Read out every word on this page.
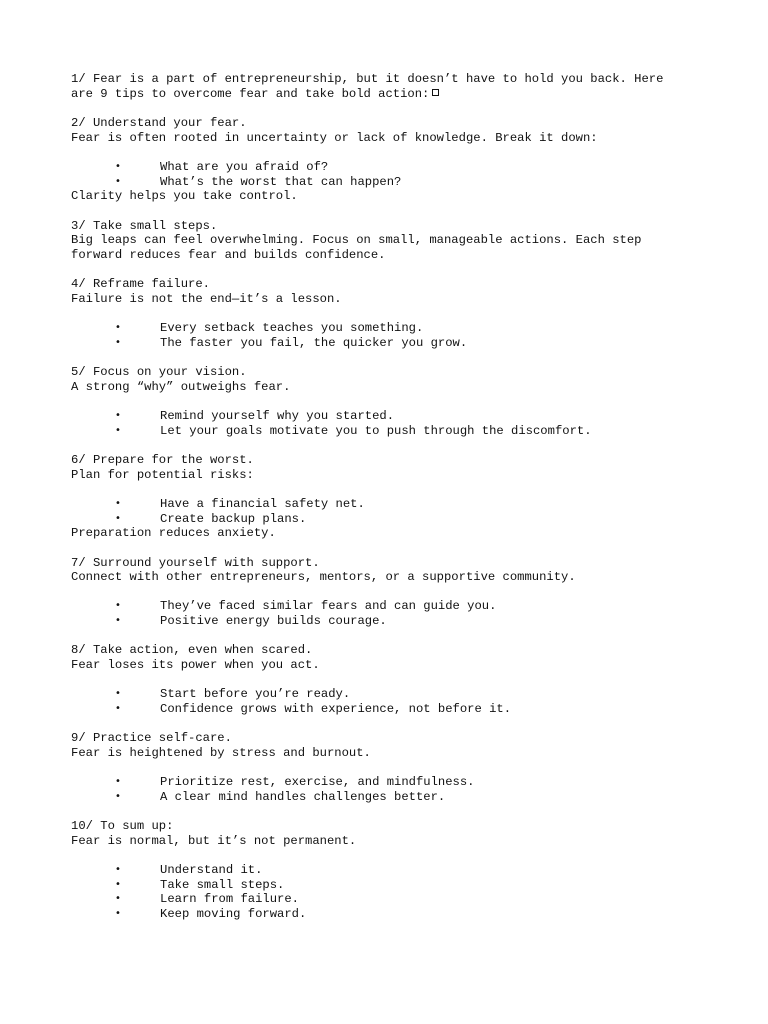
1/ Fear is a part of entrepreneurship, but it doesn’t have to hold you back. Here
are 9 tips to overcome fear and take bold action:
2/ Understand your fear.
Fear is often rooted in uncertainty or lack of knowledge. Break it down:
•	What are you afraid of?
•	What’s the worst that can happen?
Clarity helps you take control.
3/ Take small steps.
Big leaps can feel overwhelming. Focus on small, manageable actions. Each step
forward reduces fear and builds confidence.
4/ Reframe failure.
Failure is not the end—it’s a lesson.
•	Every setback teaches you something.
•	The faster you fail, the quicker you grow.
5/ Focus on your vision.
A strong “why” outweighs fear.
•	Remind yourself why you started.
•	Let your goals motivate you to push through the discomfort.
6/ Prepare for the worst.
Plan for potential risks:
•	Have a financial safety net.
•	Create backup plans.
Preparation reduces anxiety.
7/ Surround yourself with support.
Connect with other entrepreneurs, mentors, or a supportive community.
•	They’ve faced similar fears and can guide you.
•	Positive energy builds courage.
8/ Take action, even when scared.
Fear loses its power when you act.
•	Start before you’re ready.
•	Confidence grows with experience, not before it.
9/ Practice self-care.
Fear is heightened by stress and burnout.
•	Prioritize rest, exercise, and mindfulness.
•	A clear mind handles challenges better.
10/ To sum up:
Fear is normal, but it’s not permanent.
•	Understand it.
•	Take small steps.
•	Learn from failure.
•	Keep moving forward.
